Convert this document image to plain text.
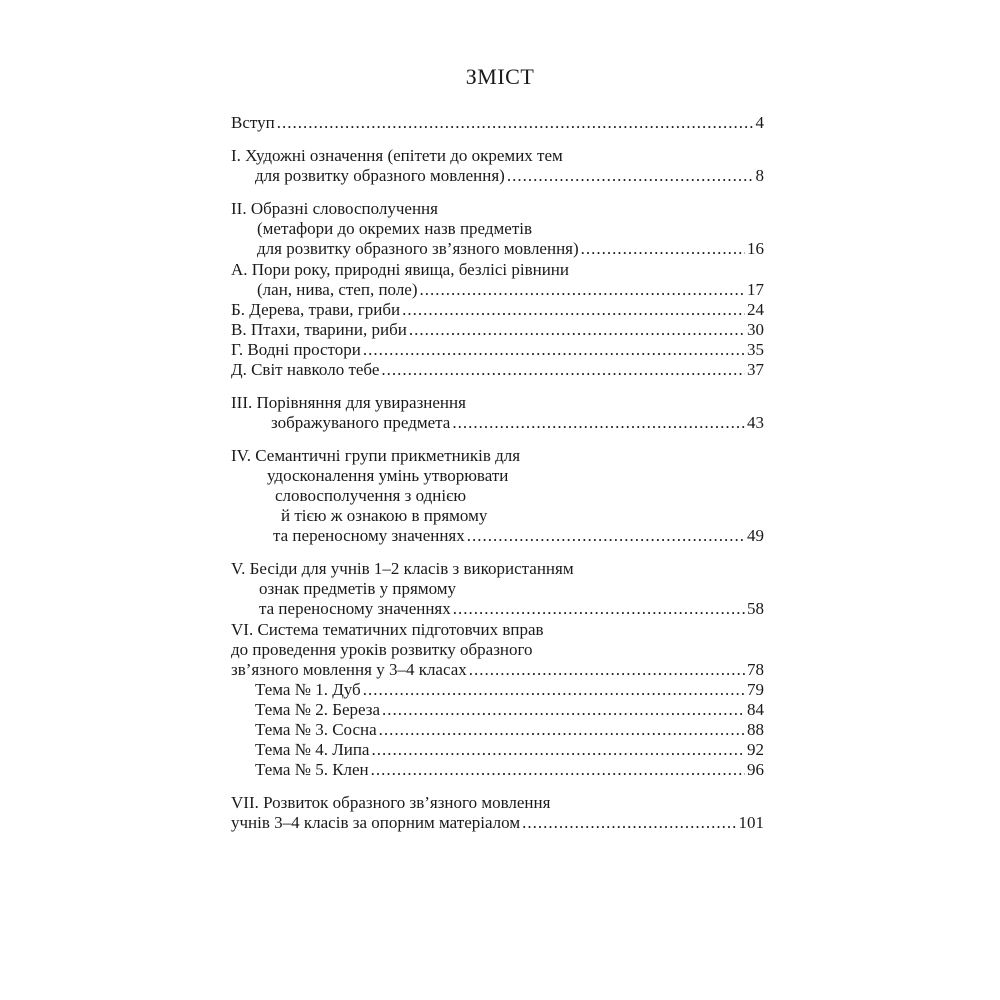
ЗМІСТ
Вступ .....	4
I. Художні означення (епітети до окремих тем
для розвитку образного мовлення) .....	8
II. Образні словосполучення
(метафори до окремих назв предметів
для розвитку образного зв’язного мовлення) .....	16
А. Пори року, природні явища, безлісі рівнини
(лан, нива, степ, поле) .....	17
Б. Дерева, трави, гриби .....	24
В. Птахи, тварини, риби .....	30
Г. Водні простори .....	35
Д. Світ навколо тебе .....	37
III. Порівняння для увиразнення
зображуваного предмета .....	43
IV. Семантичні групи прикметників для
удосконалення умінь утворювати
словосполучення з однією
й тією ж ознакою в прямому
та переносному значеннях .....	49
V. Бесіди для учнів 1–2 класів з використанням
ознак предметів у прямому
та переносному значеннях .....	58
VI. Система тематичних підготовчих вправ
до проведення уроків розвитку образного
зв’язного мовлення у 3–4 класах .....	78
Тема № 1. Дуб .....	79
Тема № 2. Береза .....	84
Тема № 3. Сосна .....	88
Тема № 4. Липа .....	92
Тема № 5. Клен .....	96
VII. Розвиток образного зв’язного мовлення
учнів 3–4 класів за опорним матеріалом .....	101
